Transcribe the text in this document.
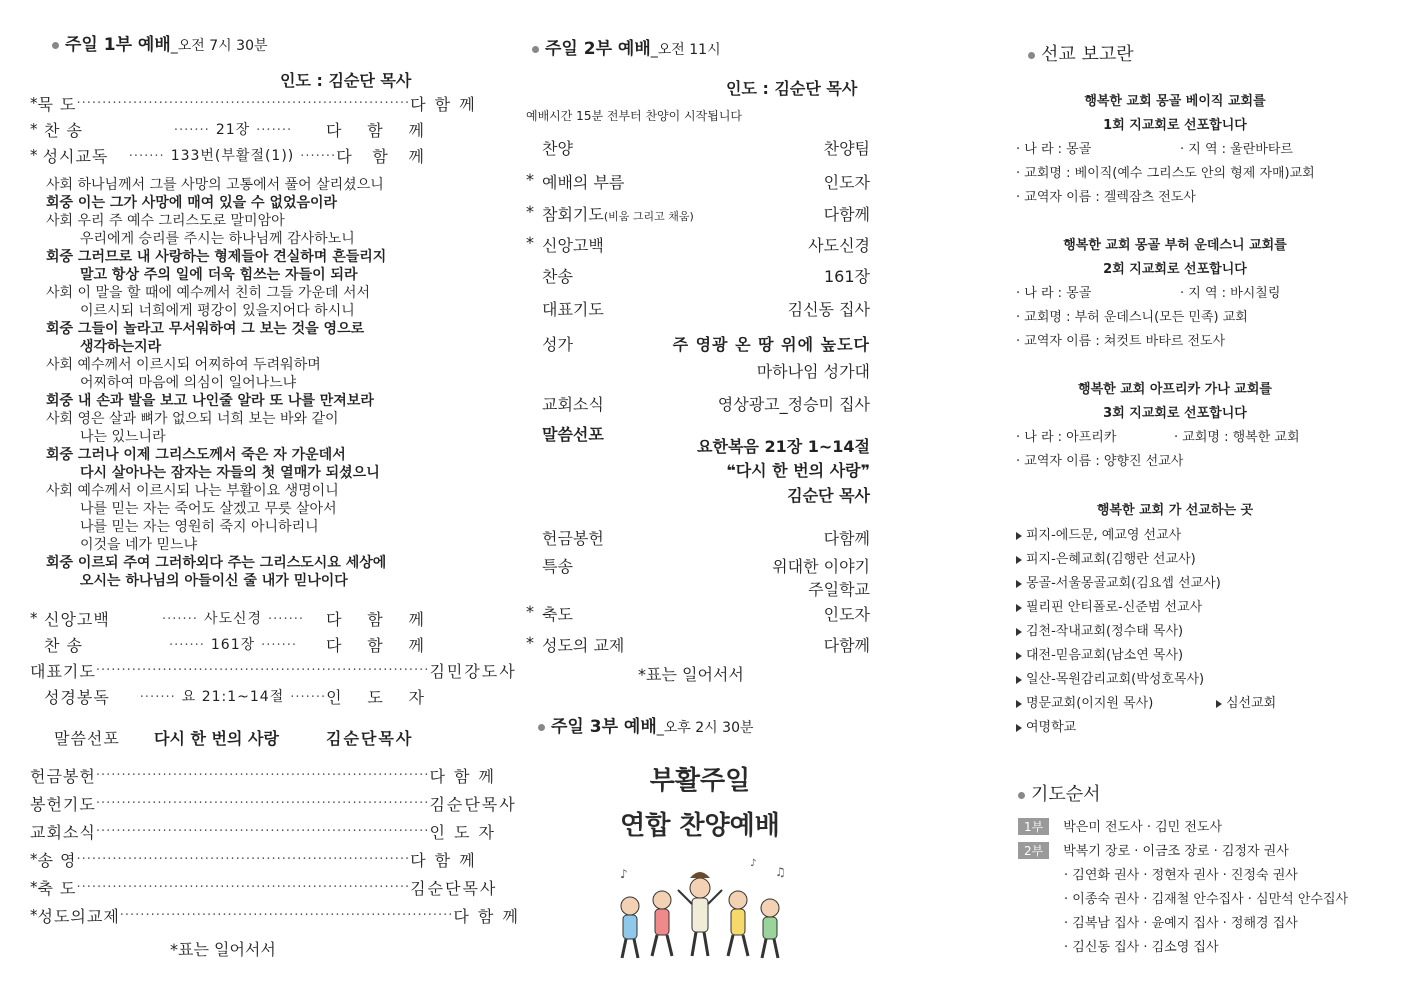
주일 1부 예배_오전 7시 30분
인도 : 김순단 목사
* 묵 도 ································································· 다 함 께
* 찬 송	······· 21장 ·······	다 함 께
* 성시교독	······· 133번(부활절(1)) ······· 다 함 께
사회 하나님께서 그를 사망의 고통에서 풀어 살리셨으니
회중 이는 그가 사망에 매여 있을 수 없었음이라
사회 우리 주 예수 그리스도로 말미암아
우리에게 승리를 주시는 하나님께 감사하노니
회중 그러므로 내 사랑하는 형제들아 견실하며 흔들리지
말고 항상 주의 일에 더욱 힘쓰는 자들이 되라
사회 이 말을 할 때에 예수께서 친히 그들 가운데 서서
이르시되 너희에게 평강이 있을지어다 하시니
회중 그들이 놀라고 무서워하여 그 보는 것을 영으로
생각하는지라
사회 예수께서 이르시되 어찌하여 두려워하며
어찌하여 마음에 의심이 일어나느냐
회중 내 손과 발을 보고 나인줄 알라 또 나를 만져보라
사회 영은 살과 뼈가 없으되 너희 보는 바와 같이
나는 있느니라
회중 그러나 이제 그리스도께서 죽은 자 가운데서
다시 살아나는 잠자는 자들의 첫 열매가 되셨으니
사회 예수께서 이르시되 나는 부활이요 생명이니
나를 믿는 자는 죽어도 살겠고 무릇 살아서
나를 믿는 자는 영원히 죽지 아니하리니
이것을 네가 믿느냐
회중 이르되 주여 그러하외다 주는 그리스도시요 세상에
오시는 하나님의 아들이신 줄 내가 믿나이다
* 신앙고백	······· 사도신경 ·······	다 함 께
찬 송	······· 161장 ·······	다 함 께
대표기도 ································································· 김민강도사
성경봉독	······· 요 21:1~14절 ······· 인 도 자
말씀선포	다시 한 번의 사랑	김순단목사
헌금봉헌 ································································· 다 함 께
봉헌기도 ································································· 김순단목사
교회소식 ································································· 인 도 자
* 송 영 ································································· 다 함 께
* 축 도 ································································· 김순단목사
* 성도의교제 ································································· 다 함 께
*표는 일어서서
주일 2부 예배_오전 11시
인도 : 김순단 목사
예배시간 15분 전부터 찬양이 시작됩니다
찬양	찬양팀
* 예배의 부름	인도자
* 참회기도(비움 그리고 채움)	다함께
* 신앙고백	사도신경
찬송	161장
대표기도	김신동 집사
성가	주 영광 온 땅 위에 높도다
마하나임 성가대
교회소식	영상광고_정승미 집사
말씀선포
요한복음 21장 1~14절
❝다시 한 번의 사랑❞
김순단 목사
헌금봉헌	다함께
특송	위대한 이야기
주일학교
* 축도	인도자
* 성도의 교제	다함께
*표는 일어서서
주일 3부 예배_오후 2시 30분
부활주일
연합 찬양예배
♪	♫
♪
선교 보고란
행복한 교회 몽골 베이직 교회를
1회 지교회로 선포합니다
· 나 라 : 몽골	· 지 역 : 울란바타르
· 교회명 : 베이직(예수 그리스도 안의 형제 자매)교회
· 교역자 이름 : 겔렉잠츠 전도사
행복한 교회 몽골 부허 운데스니 교회를
2회 지교회로 선포합니다
· 나 라 : 몽골	· 지 역 : 바시칠링
· 교회명 : 부허 운데스니(모든 민족) 교회
· 교역자 이름 : 쳐컷트 바타르 전도사
행복한 교회 아프리카 가나 교회를
3회 지교회로 선포합니다
· 나 라 : 아프리카	· 교회명 : 행복한 교회
· 교역자 이름 : 양향진 선교사
행복한 교회 가 선교하는 곳
피지-에드문, 예교영 선교사
피지-은혜교회(김행란 선교사)
몽골-서울몽골교회(김요셉 선교사)
필리핀 안티폴로-신준범 선교사
김천-작내교회(정수태 목사)
대전-믿음교회(남소연 목사)
일산-목원감리교회(박성호목사)
명문교회(이지원 목사)	심선교회
여명학교
기도순서
1부 박은미 전도사 · 김민 전도사
2부 박복기 장로 · 이금조 장로 · 김정자 권사
· 김연화 권사 · 정현자 권사 · 진정숙 권사
· 이종숙 권사 · 김재철 안수집사 · 심만석 안수집사
· 김복남 집사 · 윤예지 집사 · 정해경 집사
· 김신동 집사 · 김소영 집사
